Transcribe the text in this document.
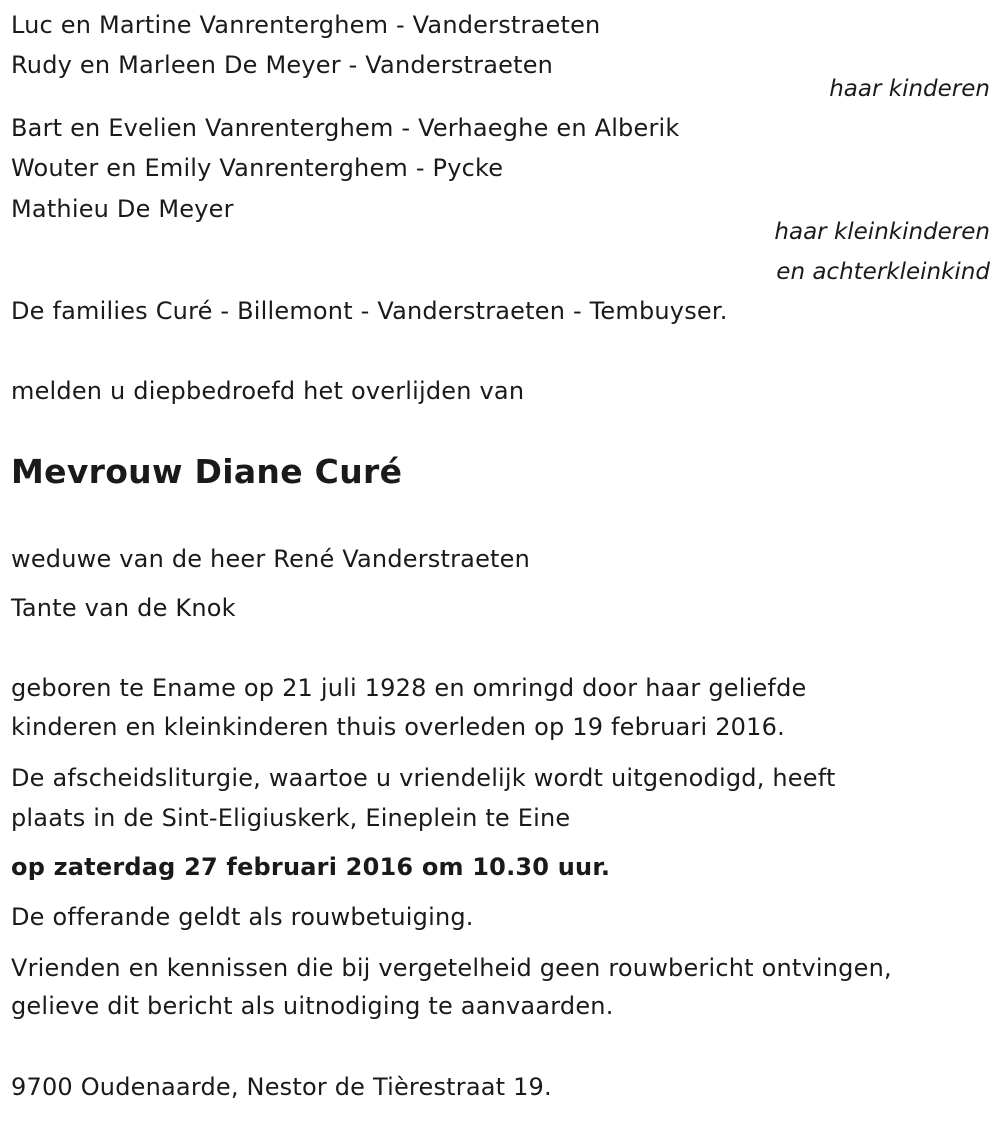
Luc en Martine Vanrenterghem - Vanderstraeten
Rudy en Marleen De Meyer - Vanderstraeten
haar kinderen
Bart en Evelien Vanrenterghem - Verhaeghe en Alberik
Wouter en Emily Vanrenterghem - Pycke
Mathieu De Meyer
haar kleinkinderen
en achterkleinkind
De families Curé - Billemont - Vanderstraeten - Tembuyser.
melden u diepbedroefd het overlijden van
Mevrouw Diane Curé
weduwe van de heer René Vanderstraeten
Tante van de Knok
geboren te Ename op 21 juli 1928 en omringd door haar geliefde
kinderen en kleinkinderen thuis overleden op 19 februari 2016.
De afscheidsliturgie, waartoe u vriendelijk wordt uitgenodigd, heeft
plaats in de Sint-Eligiuskerk, Eineplein te Eine
op zaterdag 27 februari 2016 om 10.30 uur.
De offerande geldt als rouwbetuiging.
Vrienden en kennissen die bij vergetelheid geen rouwbericht ontvingen,
gelieve dit bericht als uitnodiging te aanvaarden.
9700 Oudenaarde, Nestor de Tièrestraat 19.
